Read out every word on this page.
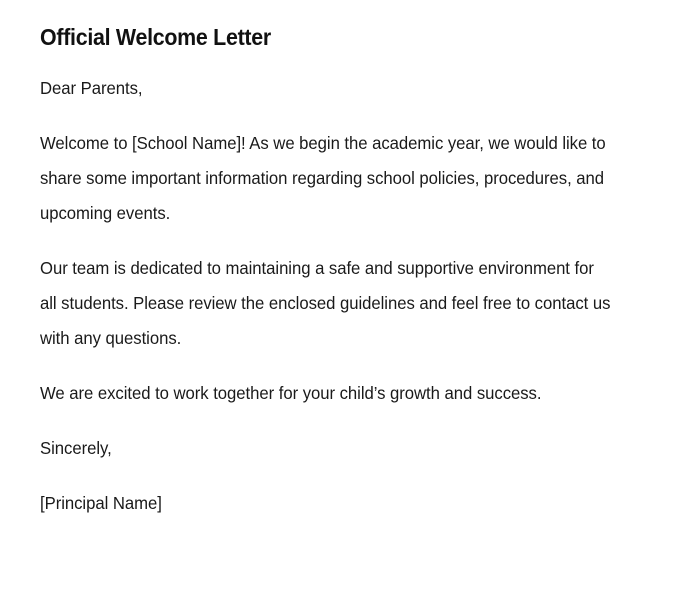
Official Welcome Letter

Dear Parents,

Welcome to [School Name]! As we begin the academic year, we would like to share some important information regarding school policies, procedures, and upcoming events.

Our team is dedicated to maintaining a safe and supportive environment for all students. Please review the enclosed guidelines and feel free to contact us with any questions.

We are excited to work together for your child’s growth and success.

Sincerely,

[Principal Name]
